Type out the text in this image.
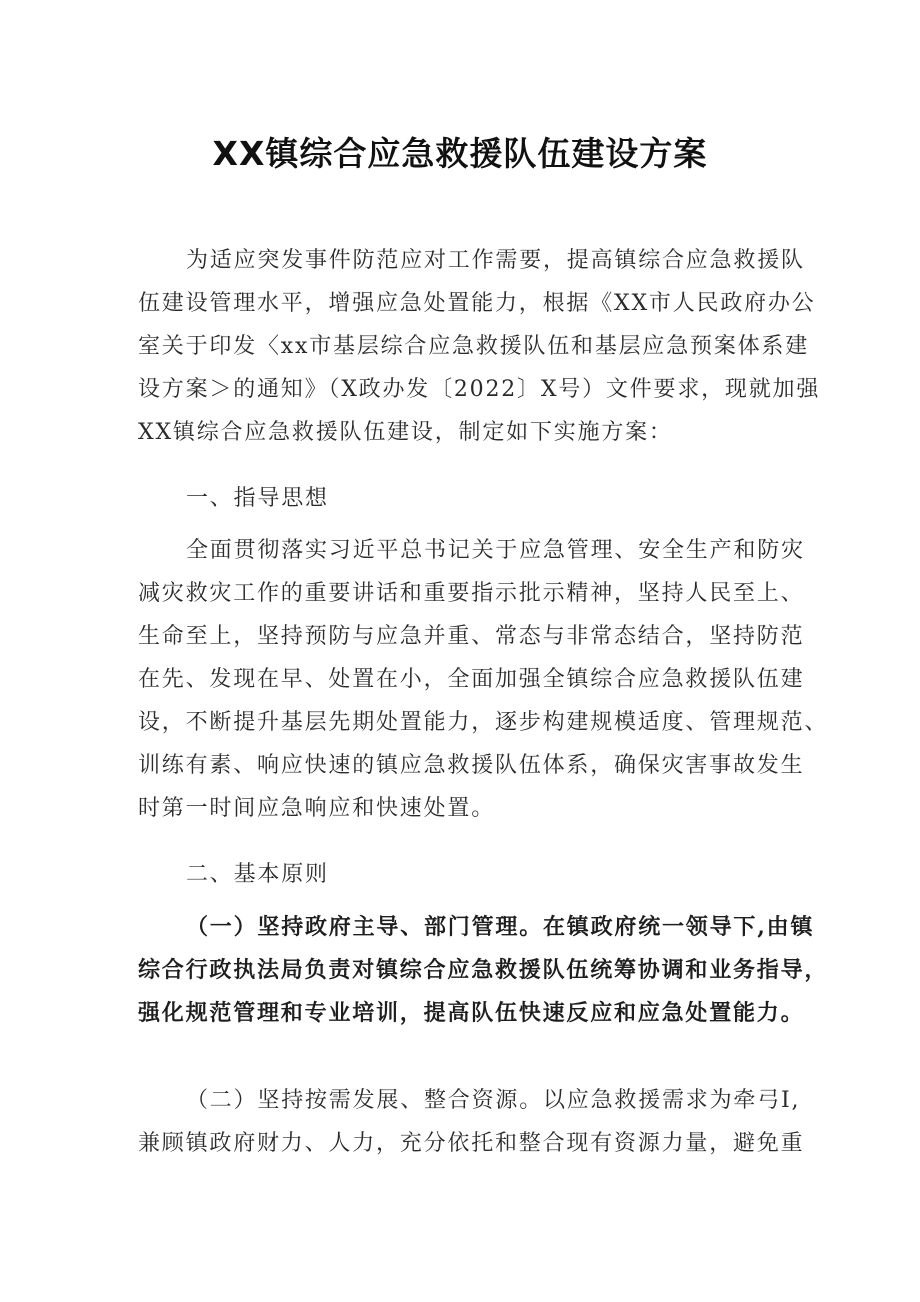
XX镇综合应急救援队伍建设方案
为适应突发事件防范应对工作需要，提高镇综合应急救援队
伍建设管理水平，增强应急处置能力，根据《XX市人民政府办公
室关于印发〈xx市基层综合应急救援队伍和基层应急预案体系建
设方案＞的通知》（X政办发〔2022〕X号）文件要求，现就加强
XX镇综合应急救援队伍建设，制定如下实施方案：
一、指导思想
全面贯彻落实习近平总书记关于应急管理、安全生产和防灾
减灾救灾工作的重要讲话和重要指示批示精神，坚持人民至上、
生命至上，坚持预防与应急并重、常态与非常态结合，坚持防范
在先、发现在早、处置在小，全面加强全镇综合应急救援队伍建
设，不断提升基层先期处置能力，逐步构建规模适度、管理规范、
训练有素、响应快速的镇应急救援队伍体系，确保灾害事故发生
时第一时间应急响应和快速处置。
二、基本原则
（一）坚持政府主导、部门管理。在镇政府统一领导下,由镇
综合行政执法局负责对镇综合应急救援队伍统筹协调和业务指导，
强化规范管理和专业培训，提高队伍快速反应和应急处置能力。
（二）坚持按需发展、整合资源。以应急救援需求为牵弓I,
兼顾镇政府财力、人力，充分依托和整合现有资源力量，避免重
